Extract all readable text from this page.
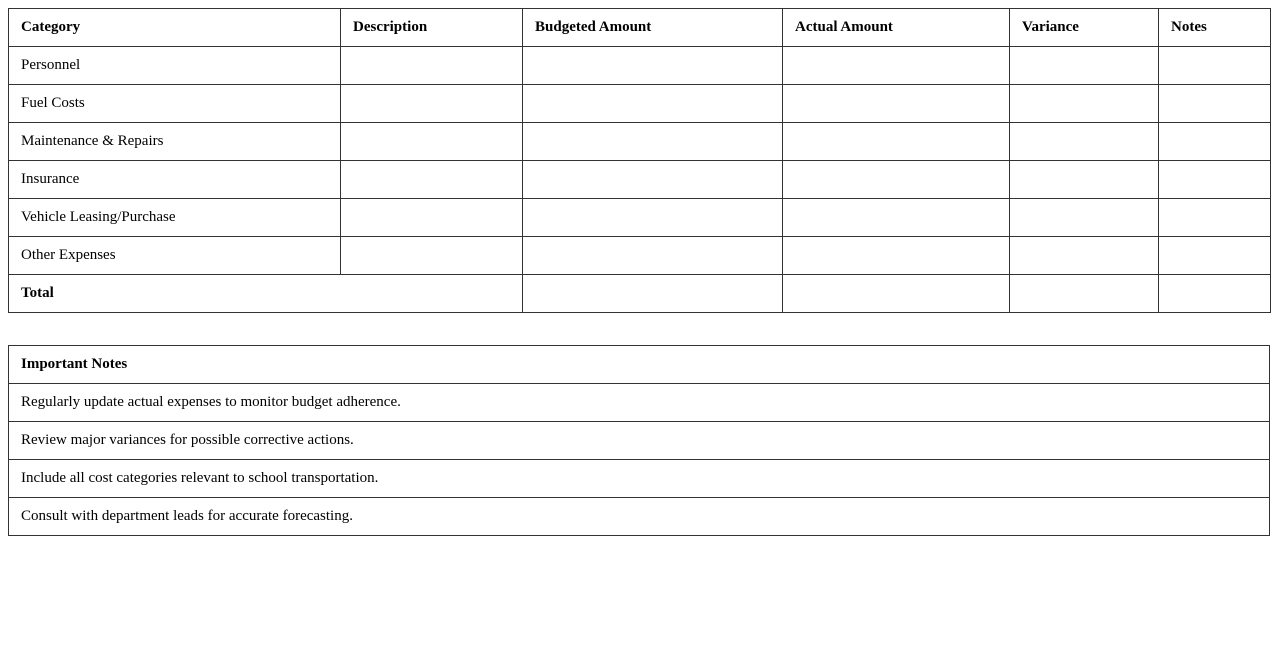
Category	Description	Budgeted Amount	Actual Amount	Variance	Notes
Personnel					
Fuel Costs					
Maintenance & Repairs					
Insurance					
Vehicle Leasing/Purchase					
Other Expenses					
Total					
Important Notes
Regularly update actual expenses to monitor budget adherence.
Review major variances for possible corrective actions.
Include all cost categories relevant to school transportation.
Consult with department leads for accurate forecasting.
